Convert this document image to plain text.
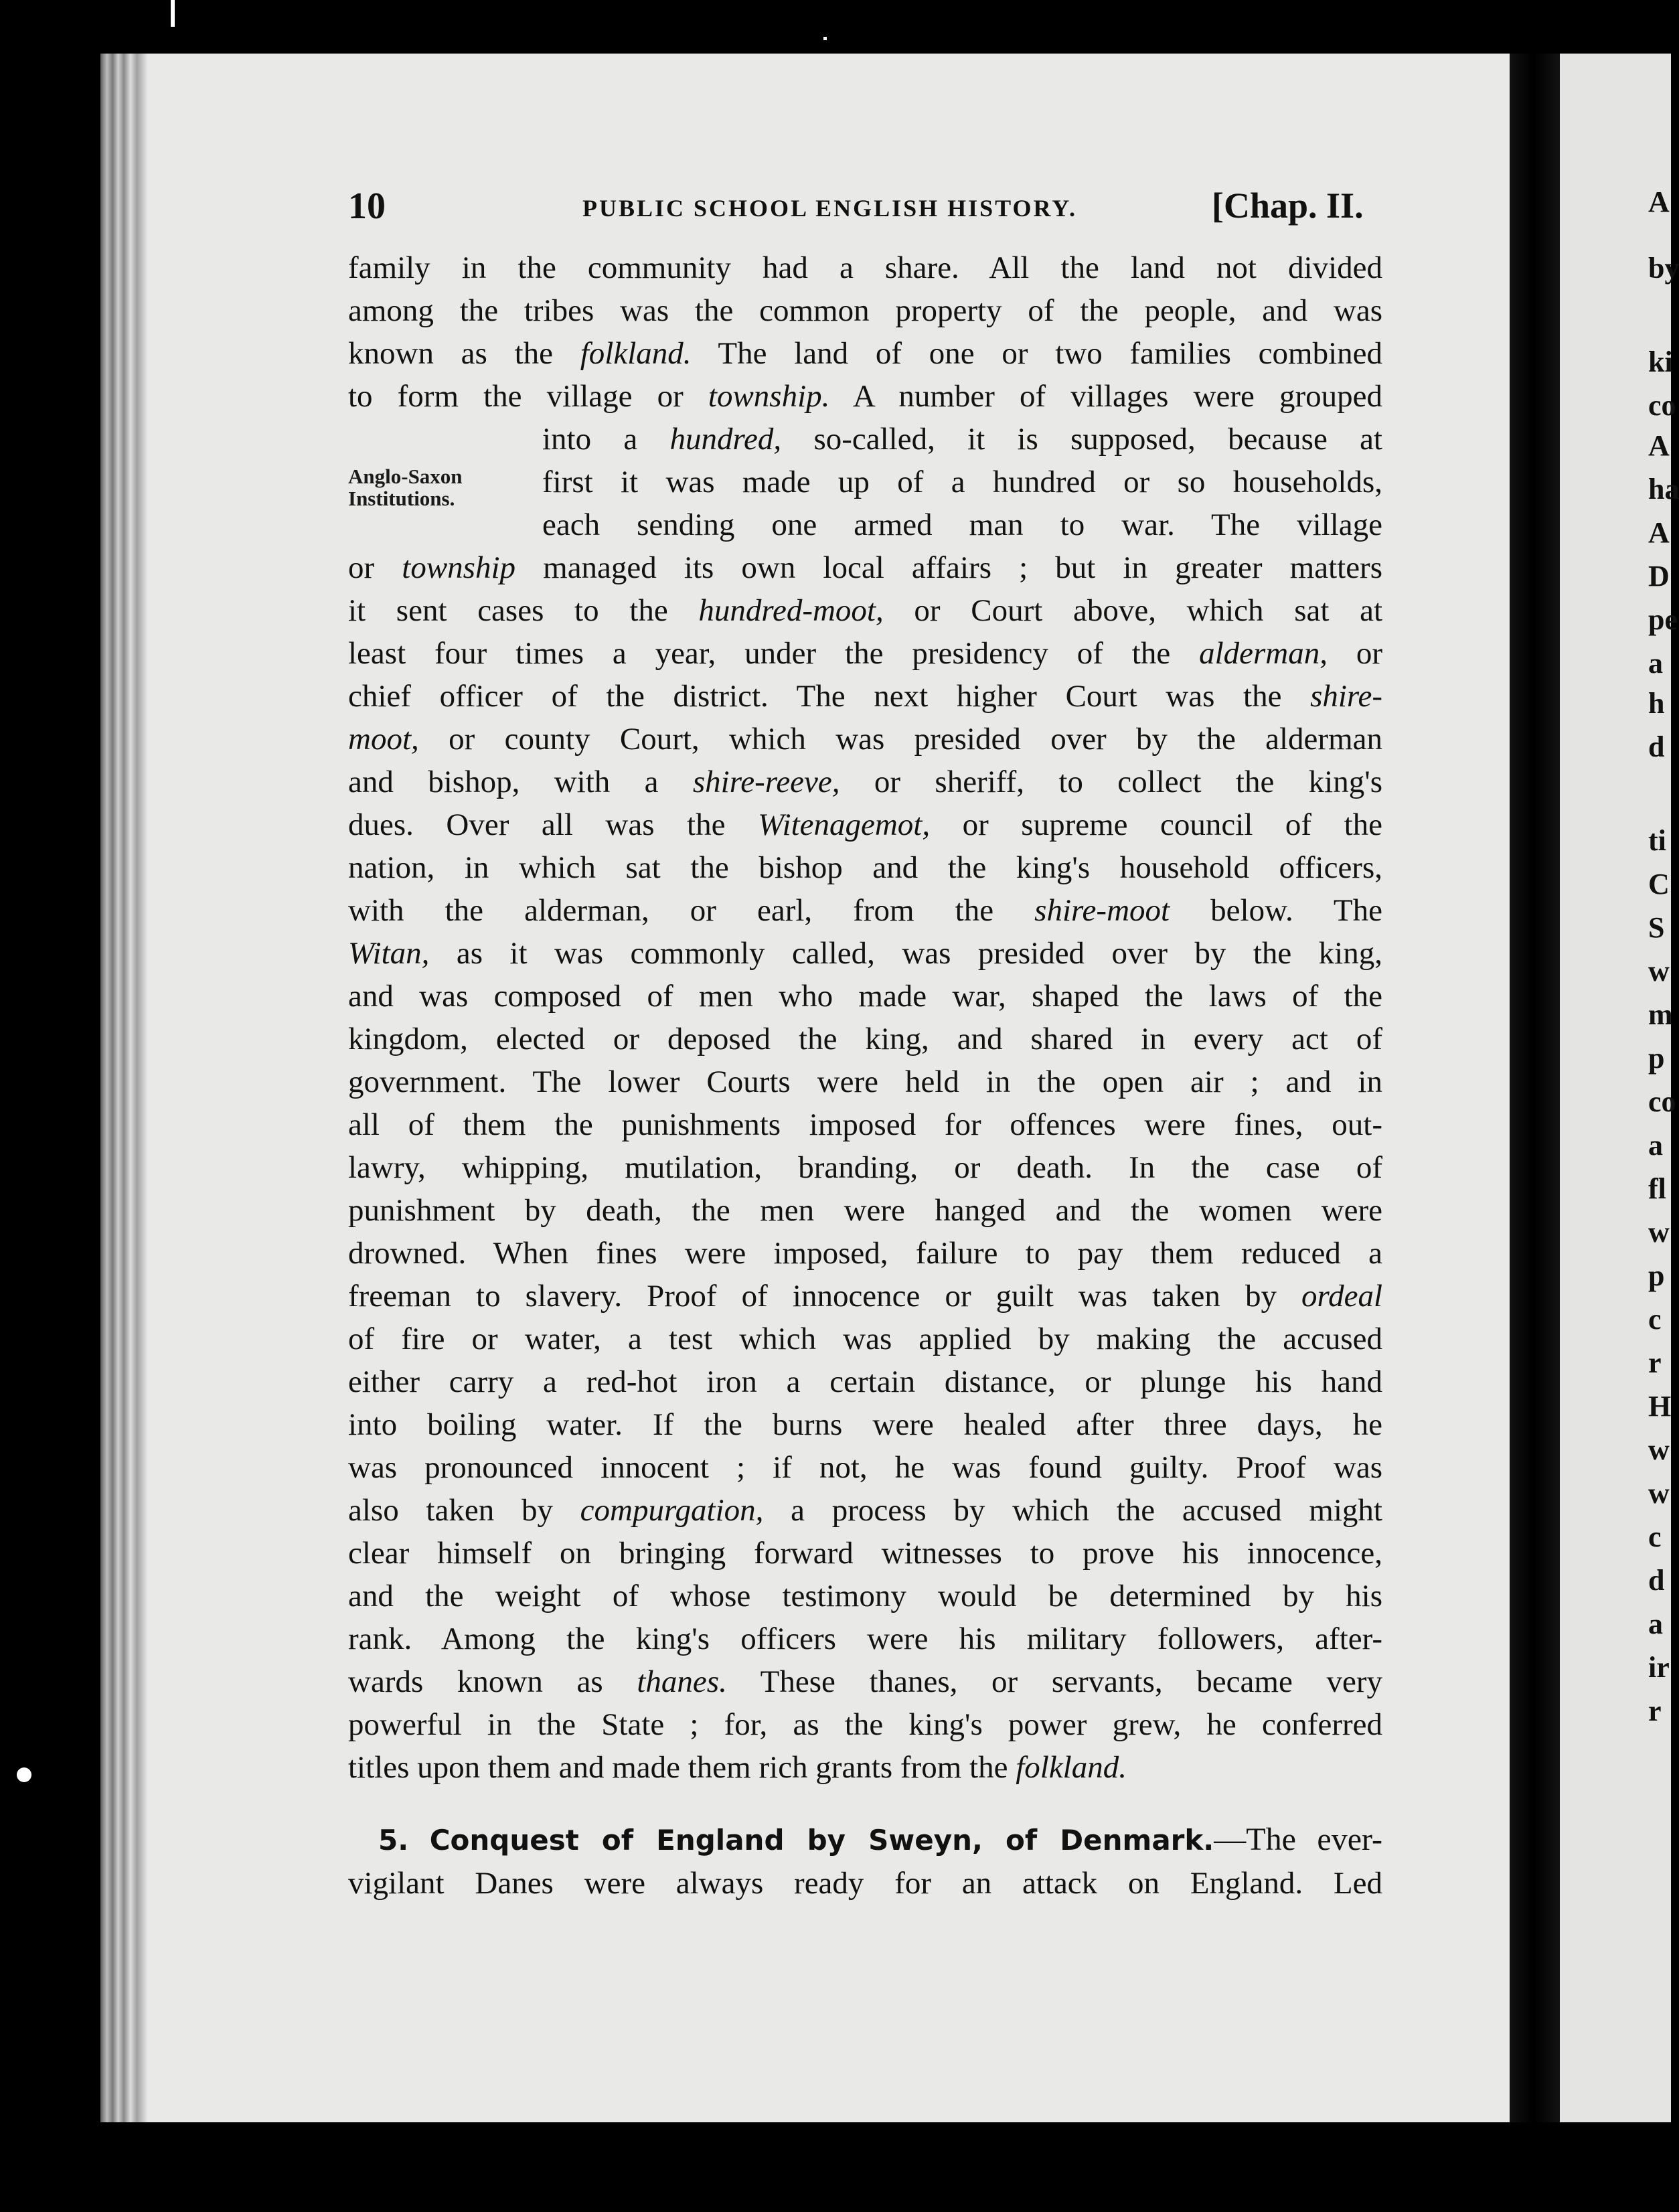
A
by
ki
co
A
ha
A
D
pe
a
h
d
ti
C
S
w
m
p
co
a
fl
w
p
c
r
H
w
w
c
d
a
ir
r
10	PUBLIC SCHOOL ENGLISH HISTORY.	[Chap. II.
Anglo-Saxon
Institutions.
family in the community had a share. All the land not divided
among the tribes was the common property of the people, and was
known as the folkland. The land of one or two families combined
to form the village or township. A number of villages were grouped
into a hundred, so-called, it is supposed, because at
first it was made up of a hundred or so households,
each sending one armed man to war. The village
or township managed its own local affairs ; but in greater matters
it sent cases to the hundred-moot, or Court above, which sat at
least four times a year, under the presidency of the alderman, or
chief officer of the district. The next higher Court was the shire-
moot, or county Court, which was presided over by the alderman
and bishop, with a shire-reeve, or sheriff, to collect the king's
dues. Over all was the Witenagemot, or supreme council of the
nation, in which sat the bishop and the king's household officers,
with the alderman, or earl, from the shire-moot below. The
Witan, as it was commonly called, was presided over by the king,
and was composed of men who made war, shaped the laws of the
kingdom, elected or deposed the king, and shared in every act of
government. The lower Courts were held in the open air ; and in
all of them the punishments imposed for offences were fines, out-
lawry, whipping, mutilation, branding, or death. In the case of
punishment by death, the men were hanged and the women were
drowned. When fines were imposed, failure to pay them reduced a
freeman to slavery. Proof of innocence or guilt was taken by ordeal
of fire or water, a test which was applied by making the accused
either carry a red-hot iron a certain distance, or plunge his hand
into boiling water. If the burns were healed after three days, he
was pronounced innocent ; if not, he was found guilty. Proof was
also taken by compurgation, a process by which the accused might
clear himself on bringing forward witnesses to prove his innocence,
and the weight of whose testimony would be determined by his
rank. Among the king's officers were his military followers, after-
wards known as thanes. These thanes, or servants, became very
powerful in the State ; for, as the king's power grew, he conferred
titles upon them and made them rich grants from the folkland.
5. Conquest of England by Sweyn, of Denmark.—The ever-
vigilant Danes were always ready for an attack on England. Led
